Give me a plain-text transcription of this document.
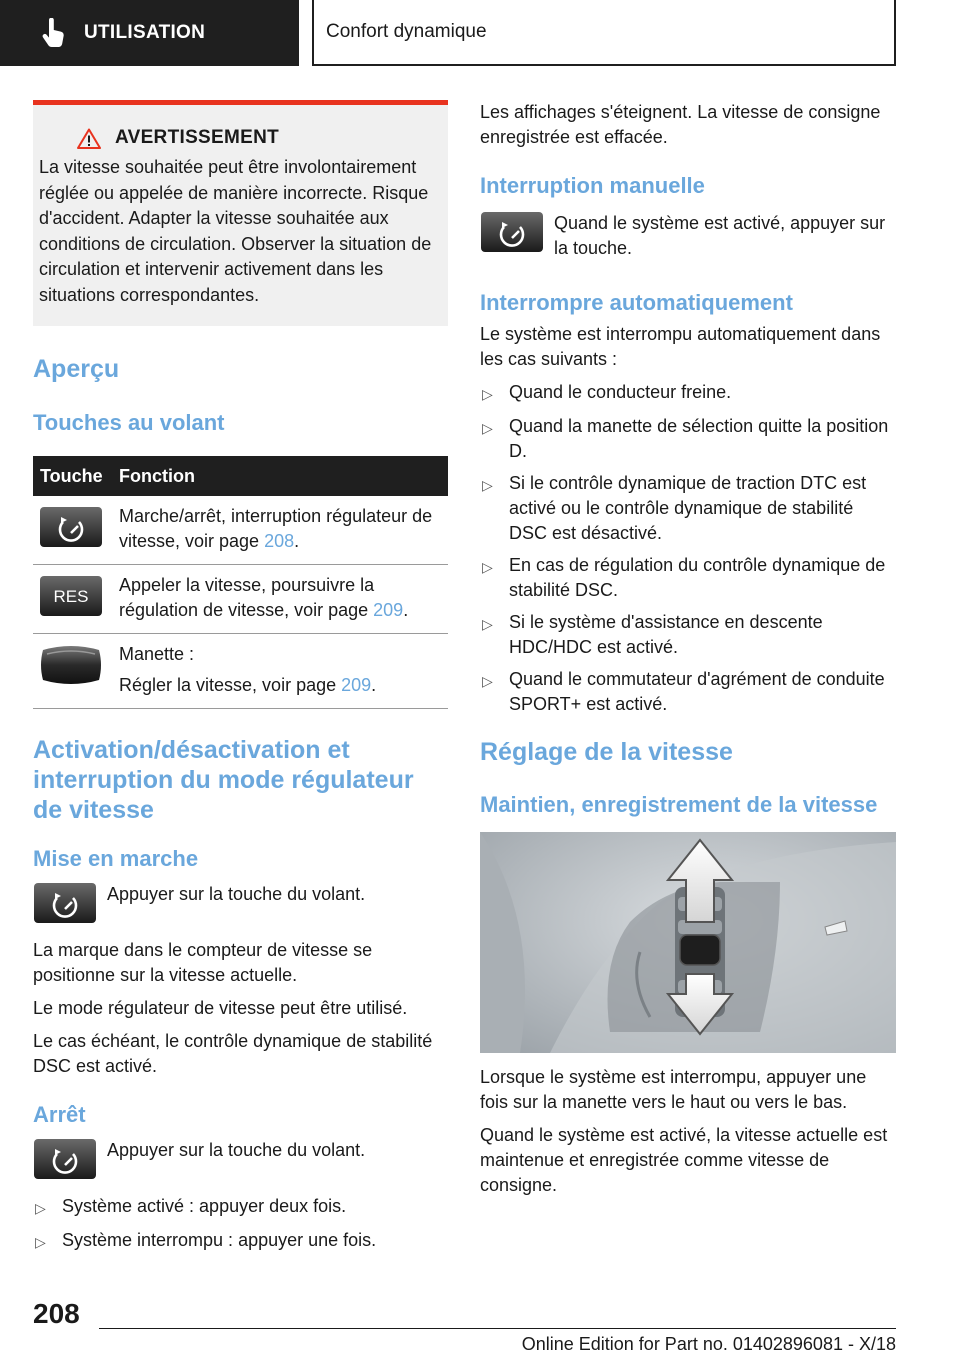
UTILISATION	Confort dynamique
AVERTISSEMENT

La vitesse souhaitée peut être involontairement réglée ou appelée de manière incorrecte. Risque d'accident. Adapter la vitesse souhaitée aux conditions de circulation. Observer la situation de circulation et intervenir activement dans les situations correspondantes.

Aperçu
Touches au volant
Touche	Fonction

Marche/arrêt, interruption régulateur de vitesse, voir page 208.

RES	Appeler la vitesse, poursuivre la régulation de vitesse, voir page 209.

Manette :

Régler la vitesse, voir page 209.

Activation/désactivation et interruption du mode régulateur de vitesse
Mise en marche

Appuyer sur la touche du volant.

La marque dans le compteur de vitesse se positionne sur la vitesse actuelle.

Le mode régulateur de vitesse peut être utilisé.

Le cas échéant, le contrôle dynamique de stabilité DSC est activé.

Arrêt

Appuyer sur la touche du volant.

▷ Système activé : appuyer deux fois.
▷ Système interrompu : appuyer une fois.

Les affichages s'éteignent. La vitesse de consigne enregistrée est effacée.

Interruption manuelle

Quand le système est activé, appuyer sur la touche.

Interrompre automatiquement

Le système est interrompu automatiquement dans les cas suivants :

▷ Quand le conducteur freine.
▷ Quand la manette de sélection quitte la position D.
▷ Si le contrôle dynamique de traction DTC est activé ou le contrôle dynamique de stabilité DSC est désactivé.
▷ En cas de régulation du contrôle dynamique de stabilité DSC.
▷ Si le système d'assistance en descente HDC/HDC est activé.
▷ Quand le commutateur d'agrément de conduite SPORT+ est activé.
Réglage de la vitesse
Maintien, enregistrement de la vitesse

Lorsque le système est interrompu, appuyer une fois sur la manette vers le haut ou vers le bas.

Quand le système est activé, la vitesse actuelle est maintenue et enregistrée comme vitesse de consigne.

208
Online Edition for Part no. 01402896081 - X/18
